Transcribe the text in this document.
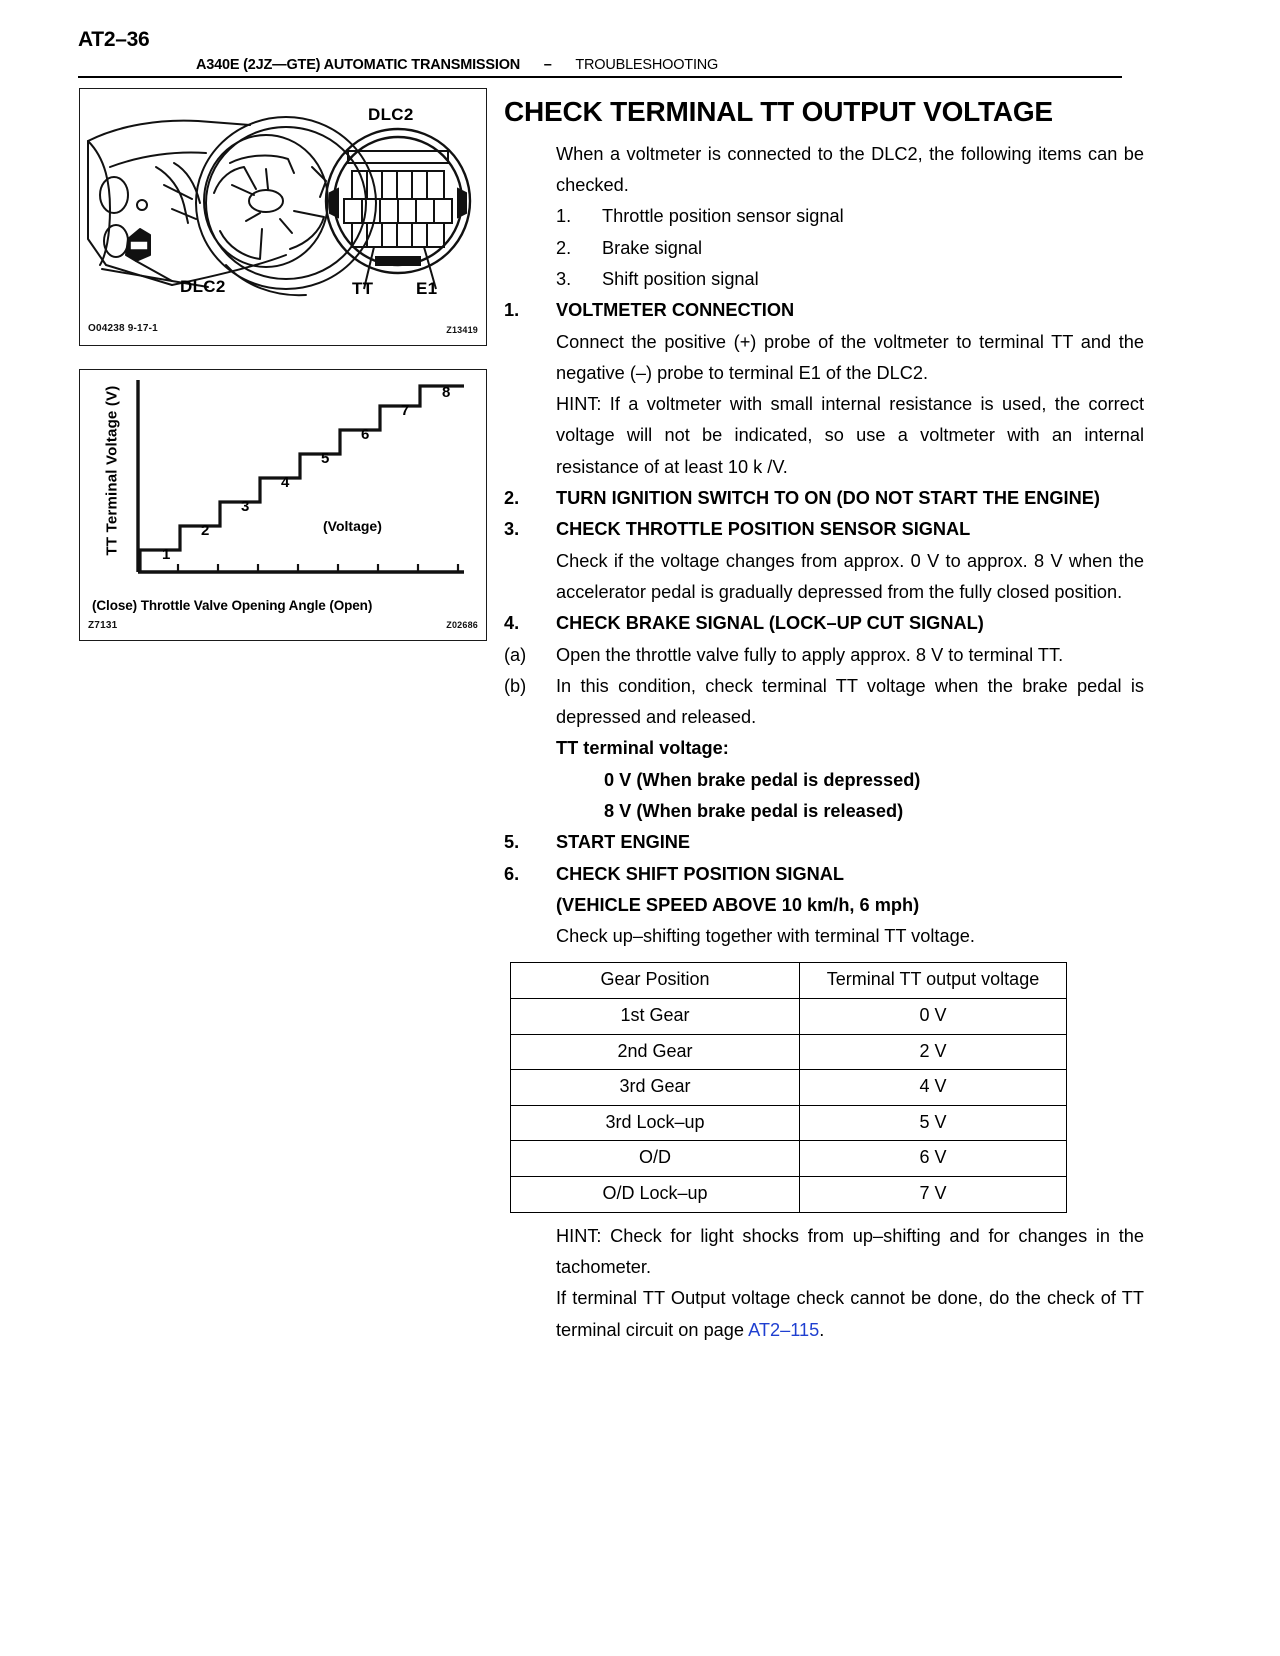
AT2–36
A340E (2JZ—GTE) AUTOMATIC TRANSMISSION – TROUBLESHOOTING
DLC2
DLC2	TT	E1
O04238 9-17-1	Z13419
TT Terminal Voltage (V)	1
2
3
4
5
6
7
8
(Voltage)
(Close) Throttle Valve Opening Angle (Open)
Z7131	Z02686
CHECK TERMINAL TT OUTPUT VOLTAGE
When a voltmeter is connected to the DLC2, the following items can be checked.
1.	Throttle position sensor signal
2.	Brake signal
3.	Shift position signal
1.	VOLTMETER CONNECTION
Connect the positive (+) probe of the voltmeter to terminal TT and the negative (–) probe to terminal E1 of the DLC2.
HINT: If a voltmeter with small internal resistance is used, the correct voltage will not be indicated, so use a voltmeter with an internal resistance of at least 10 k /V.
2.	TURN IGNITION SWITCH TO ON (DO NOT START THE ENGINE)
3.	CHECK THROTTLE POSITION SENSOR SIGNAL
Check if the voltage changes from approx. 0 V to approx. 8 V when the accelerator pedal is gradually depressed from the fully closed position.
4.	CHECK BRAKE SIGNAL (LOCK–UP CUT SIGNAL)
(a)	Open the throttle valve fully to apply approx. 8 V to terminal TT.
(b)	In this condition, check terminal TT voltage when the brake pedal is depressed and released.
TT terminal voltage:
0 V (When brake pedal is depressed)
8 V (When brake pedal is released)
5.	START ENGINE
6.	CHECK SHIFT POSITION SIGNAL
(VEHICLE SPEED ABOVE 10 km/h, 6 mph)
Check up–shifting together with terminal TT voltage.
Gear Position	Terminal TT output voltage
1st Gear	0 V
2nd Gear	2 V
3rd Gear	4 V
3rd Lock–up	5 V
O/D	6 V
O/D Lock–up	7 V
HINT: Check for light shocks from up–shifting and for changes in the tachometer.
If terminal TT Output voltage check cannot be done, do the check of TT terminal circuit on page AT2–115.
